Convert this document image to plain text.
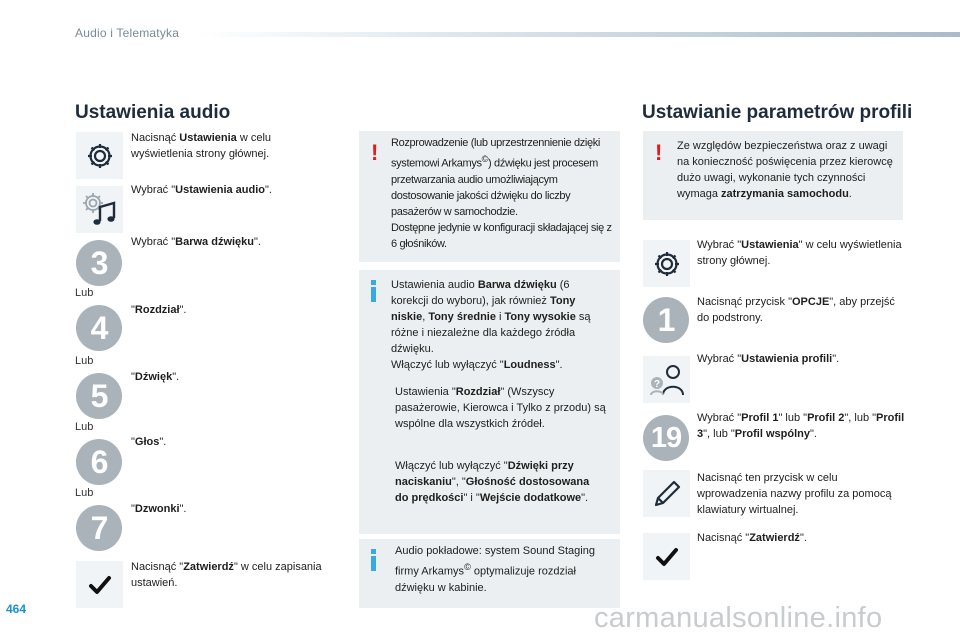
Audio i Telematyka
Ustawienia audio
Nacisnąć Ustawienia w celu wyświetlenia strony głównej.
Wybrać "Ustawienia audio".
3
Wybrać "Barwa dźwięku".
Lub
4	"Rozdział".
Lub
5
"Dźwięk".
Lub
6
"Głos".
Lub
7
"Dzwonki".
Nacisnąć "Zatwierdź" w celu zapisania ustawień.
! Rozprowadzenie (lub uprzestrzennienie dzięki systemowi Arkamys©) dźwięku jest procesem przetwarzania audio umożliwiającym dostosowanie jakości dźwięku do liczby pasażerów w samochodzie.
Dostępne jedynie w konfiguracji składającej się z 6 głośników.
Ustawienia audio Barwa dźwięku (6 korekcji do wyboru), jak również Tony niskie, Tony średnie i Tony wysokie są różne i niezależne dla każdego źródła dźwięku.
Włączyć lub wyłączyć "Loudness".
Ustawienia "Rozdział" (Wszyscy pasażerowie, Kierowca i Tylko z przodu) są wspólne dla wszystkich źródeł.
Włączyć lub wyłączyć "Dźwięki przy naciskaniu", "Głośność dostosowana do prędkości" i "Wejście dodatkowe".
Audio pokładowe: system Sound Staging firmy Arkamys© optymalizuje rozdział dźwięku w kabinie.
Ustawianie parametrów profili
! Ze względów bezpieczeństwa oraz z uwagi na konieczność poświęcenia przez kierowcę dużo uwagi, wykonanie tych czynności wymaga zatrzymania samochodu.
Wybrać "Ustawienia" w celu wyświetlenia strony głównej.
1	Nacisnąć przycisk "OPCJE", aby przejść do podstrony.
?
Wybrać "Ustawienia profili".
19
Wybrać "Profil 1" lub "Profil 2", lub "Profil 3", lub "Profil wspólny".
Nacisnąć ten przycisk w celu wprowadzenia nazwy profilu za pomocą klawiatury wirtualnej.
Nacisnąć "Zatwierdź".
464	carmanualsonline.info
